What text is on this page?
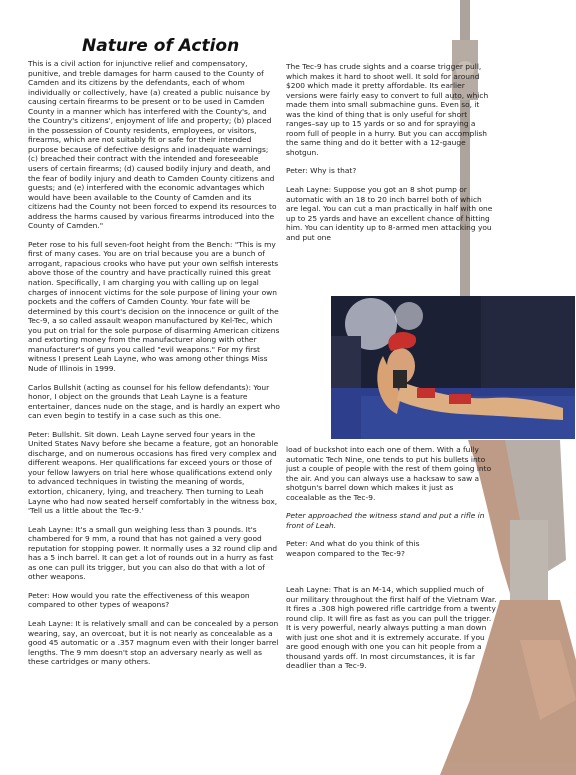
Nature of Action

This is a civil action for injunctive relief and compensatory, punitive, and treble damages for harm caused to the County of Camden and its citizens by the defendants, each of whom individually or collectively, have (a) created a public nuisance by causing certain firearms to be present or to be used in Camden County in a manner which has interfered with the County's, and the Country's citizens', enjoyment of life and property; (b) placed in the possession of County residents, employees, or visitors, firearms, which are not suitably fit or safe for their intended purpose because of defective designs and inadequate warnings; (c) breached their contract with the intended and foreseeable users of certain firearms; (d) caused bodily injury and death, and the fear of bodily injury and death to Camden County citizens and guests; and (e) interfered with the economic advantages which would have been available to the County of Camden and its citizens had the County not been forced to expend its resources to address the harms caused by various firearms introduced into the County of Camden."

Peter rose to his full seven-foot height from the Bench: "This is my first of many cases. You are on trial because you are a bunch of arrogant, rapacious crooks who have put your own selfish interests above those of the country and have practically ruined this great nation. Specifically, I am charging you with calling up on legal charges of innocent victims for the sole purpose of lining your own pockets and the coffers of Camden County. Your fate will be determined by this court's decision on the innocence or guilt of the Tec-9, a so called assault weapon manufactured by Kel-Tec, which you put on trial for the sole purpose of disarming American citizens and extorting money from the manufacturer along with other manufacturer's of guns you called "evil weapons." For my first witness I present Leah Layne, who was among other things Miss Nude of Illinois in 1999.

Carlos Bullshit (acting as counsel for his fellow defendants): Your honor, I object on the grounds that Leah Layne is a feature entertainer, dances nude on the stage, and is hardly an expert who can even begin to testify in a case such as this one.

Peter: Bullshit. Sit down. Leah Layne served four years in the United States Navy before she became a feature, got an honorable discharge, and on numerous occasions has fired very complex and different weapons. Her qualifications far exceed yours or those of your fellow lawyers on trial here whose qualifications extend only to advanced techniques in twisting the meaning of words, extortion, chicanery, lying, and treachery. Then turning to Leah Layne who had now seated herself comfortably in the witness box, 'Tell us a little about the Tec-9.'

Leah Layne: It's a small gun weighing less than 3 pounds. It's chambered for 9 mm, a round that has not gained a very good reputation for stopping power. It normally uses a 32 round clip and has a 5 inch barrel. It can get a lot of rounds out in a hurry as fast as one can pull its trigger, but you can also do that with a lot of other weapons.

Peter: How would you rate the effectiveness of this weapon compared to other types of weapons?

Leah Layne: It is relatively small and can be concealed by a person wearing, say, an overcoat, but it is not nearly as concealable as a good 45 automatic or a .357 magnum even with their longer barrel lengths. The 9 mm doesn't stop an adversary nearly as well as these cartridges or many others.

The Tec-9 has crude sights and a coarse trigger pull, which makes it hard to shoot well. It sold for around $200 which made it pretty affordable. Its earlier versions were fairly easy to convert to full auto, which made them into small submachine guns. Even so, it was the kind of thing that is only useful for short ranges–say up to 15 yards or so and for spraying a room full of people in a hurry. But you can accomplish the same thing and do it better with a 12-gauge shotgun.

Peter: Why is that?

Leah Layne: Suppose you got an 8 shot pump or automatic with an 18 to 20 inch barrel both of which are legal. You can cut a man practically in half with one up to 25 yards and have an excellent chance of hitting him. You can identity up to 8-armed men attacking you and put one

load of buckshot into each one of them. With a fully automatic Tech Nine, one tends to put his bullets into just a couple of people with the rest of them going into the air. And you can always use a hacksaw to saw a shotgun's barrel down which makes it just as cocealable as the Tec-9.

Peter approached the witness stand and put a rifle in front of Leah.

Peter: And what do you think of this weapon compared to the Tec-9?

Leah Layne: That is an M-14, which supplied much of our military throughout the first half of the Vietnam War. It fires a .308 high powered rifle cartridge from a twenty round clip. It will fire as fast as you can pull the trigger. It is very powerful, nearly always putting a man down with just one shot and it is extremely accurate. If you are good enough with one you can hit people from a thousand yards off. In most circumstances, it is far deadlier than a Tec-9.
